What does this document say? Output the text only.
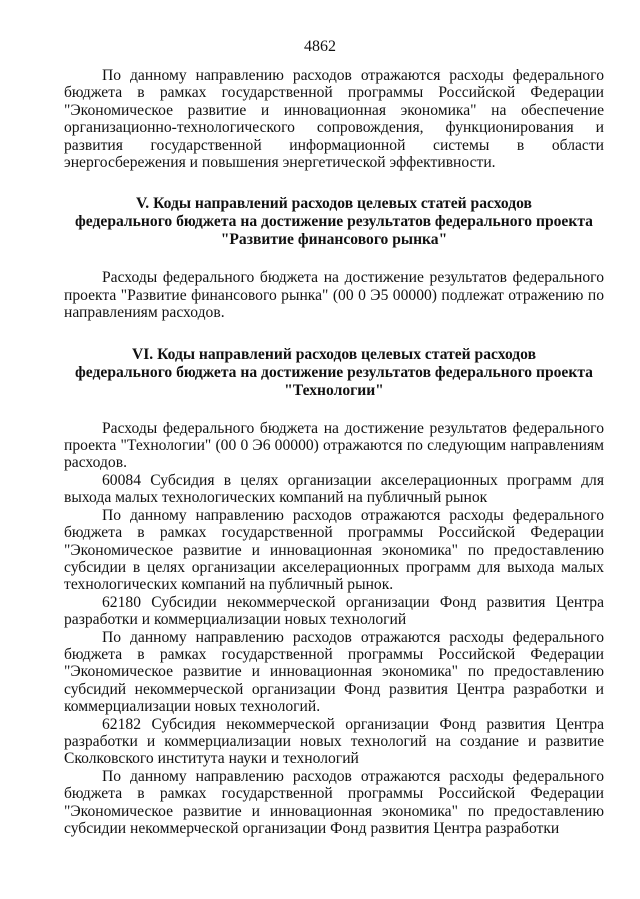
4862

По данному направлению расходов отражаются расходы федерального бюджета в рамках государственной программы Российской Федерации "Экономическое развитие и инновационная экономика" на обеспечение организационно-технологического сопровождения, функционирования и развития государственной информационной системы в области энергосбережения и повышения энергетической эффективности.

V. Коды направлений расходов целевых статей расходов
федерального бюджета на достижение результатов федерального проекта
"Развитие финансового рынка"

Расходы федерального бюджета на достижение результатов федерального проекта "Развитие финансового рынка" (00 0 Э5 00000) подлежат отражению по направлениям расходов.

VI. Коды направлений расходов целевых статей расходов
федерального бюджета на достижение результатов федерального проекта
"Технологии"

Расходы федерального бюджета на достижение результатов федерального проекта "Технологии" (00 0 Э6 00000) отражаются по следующим направлениям расходов.

60084 Субсидия в целях организации акселерационных программ для выхода малых технологических компаний на публичный рынок

По данному направлению расходов отражаются расходы федерального бюджета в рамках государственной программы Российской Федерации "Экономическое развитие и инновационная экономика" по предоставлению субсидии в целях организации акселерационных программ для выхода малых технологических компаний на публичный рынок.

62180 Субсидии некоммерческой организации Фонд развития Центра разработки и коммерциализации новых технологий

По данному направлению расходов отражаются расходы федерального бюджета в рамках государственной программы Российской Федерации "Экономическое развитие и инновационная экономика" по предоставлению субсидий некоммерческой организации Фонд развития Центра разработки и коммерциализации новых технологий.

62182 Субсидия некоммерческой организации Фонд развития Центра разработки и коммерциализации новых технологий на создание и развитие Сколковского института науки и технологий

По данному направлению расходов отражаются расходы федерального бюджета в рамках государственной программы Российской Федерации "Экономическое развитие и инновационная экономика" по предоставлению субсидии некоммерческой организации Фонд развития Центра разработки
